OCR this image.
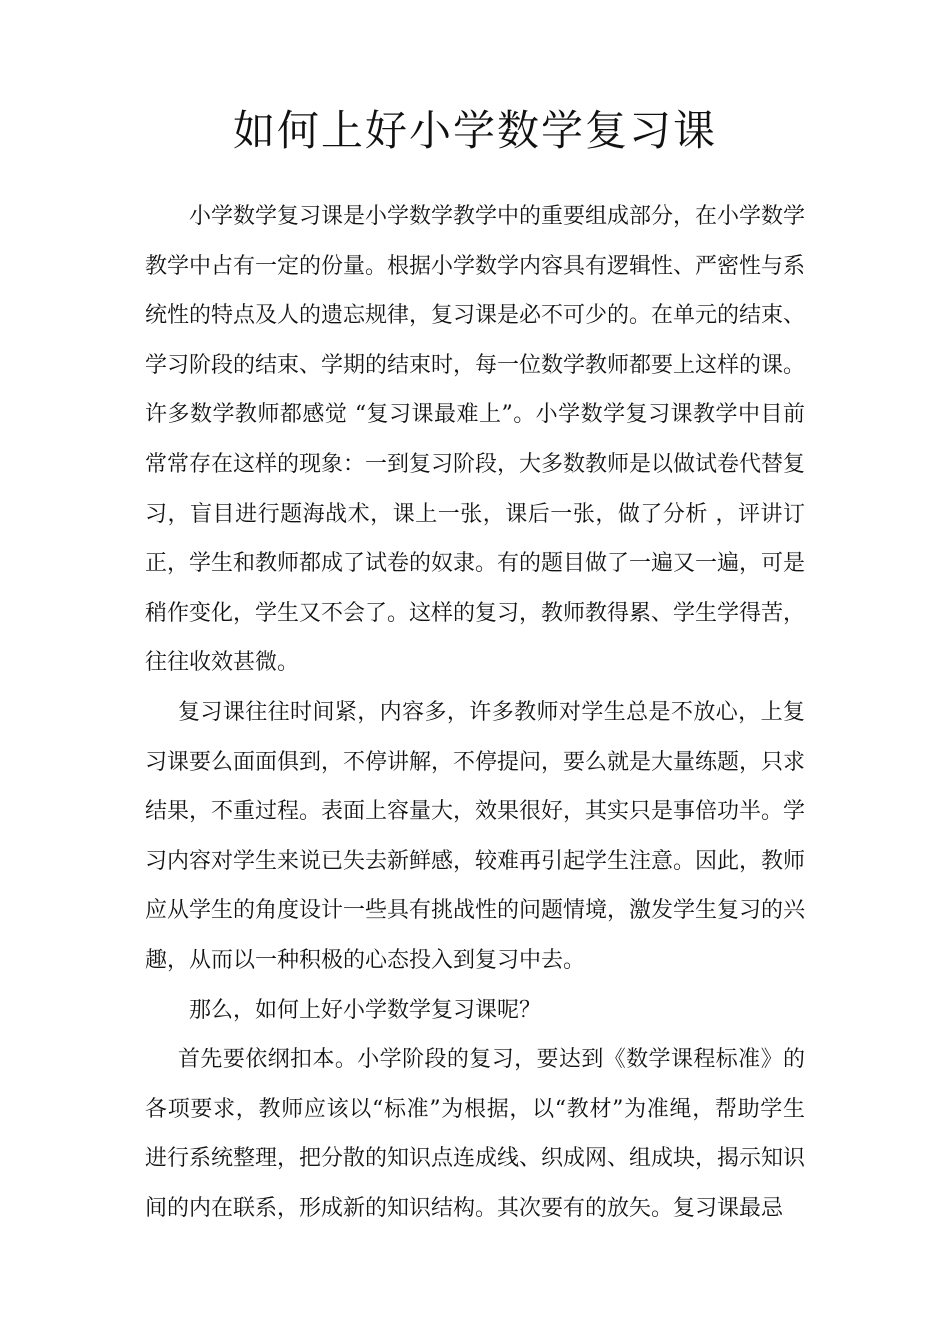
如何上好小学数学复习课

小学数学复习课是小学数学教学中的重要组成部分，在小学数学教学中占有一定的份量。根据小学数学内容具有逻辑性、严密性与系统性的特点及人的遗忘规律，复习课是必不可少的。在单元的结束、学习阶段的结束、学期的结束时，每一位数学教师都要上这样的课。许多数学教师都感觉 “复习课最难上”。小学数学复习课教学中目前常常存在这样的现象：一到复习阶段，大多数教师是以做试卷代替复习，盲目进行题海战术，课上一张，课后一张，做了分析 ，评讲订正，学生和教师都成了试卷的奴隶。有的题目做了一遍又一遍，可是稍作变化，学生又不会了。这样的复习，教师教得累、学生学得苦，往往收效甚微。

复习课往往时间紧，内容多，许多教师对学生总是不放心，上复习课要么面面俱到，不停讲解，不停提问，要么就是大量练题，只求结果，不重过程。表面上容量大，效果很好，其实只是事倍功半。学习内容对学生来说已失去新鲜感，较难再引起学生注意。因此，教师应从学生的角度设计一些具有挑战性的问题情境，激发学生复习的兴趣，从而以一种积极的心态投入到复习中去。

那么，如何上好小学数学复习课呢？

首先要依纲扣本。小学阶段的复习，要达到《数学课程标准》的各项要求，教师应该以“标准”为根据，以“教材”为准绳，帮助学生进行系统整理，把分散的知识点连成线、织成网、组成块，揭示知识间的内在联系，形成新的知识结构。其次要有的放矢。复习课最忌
